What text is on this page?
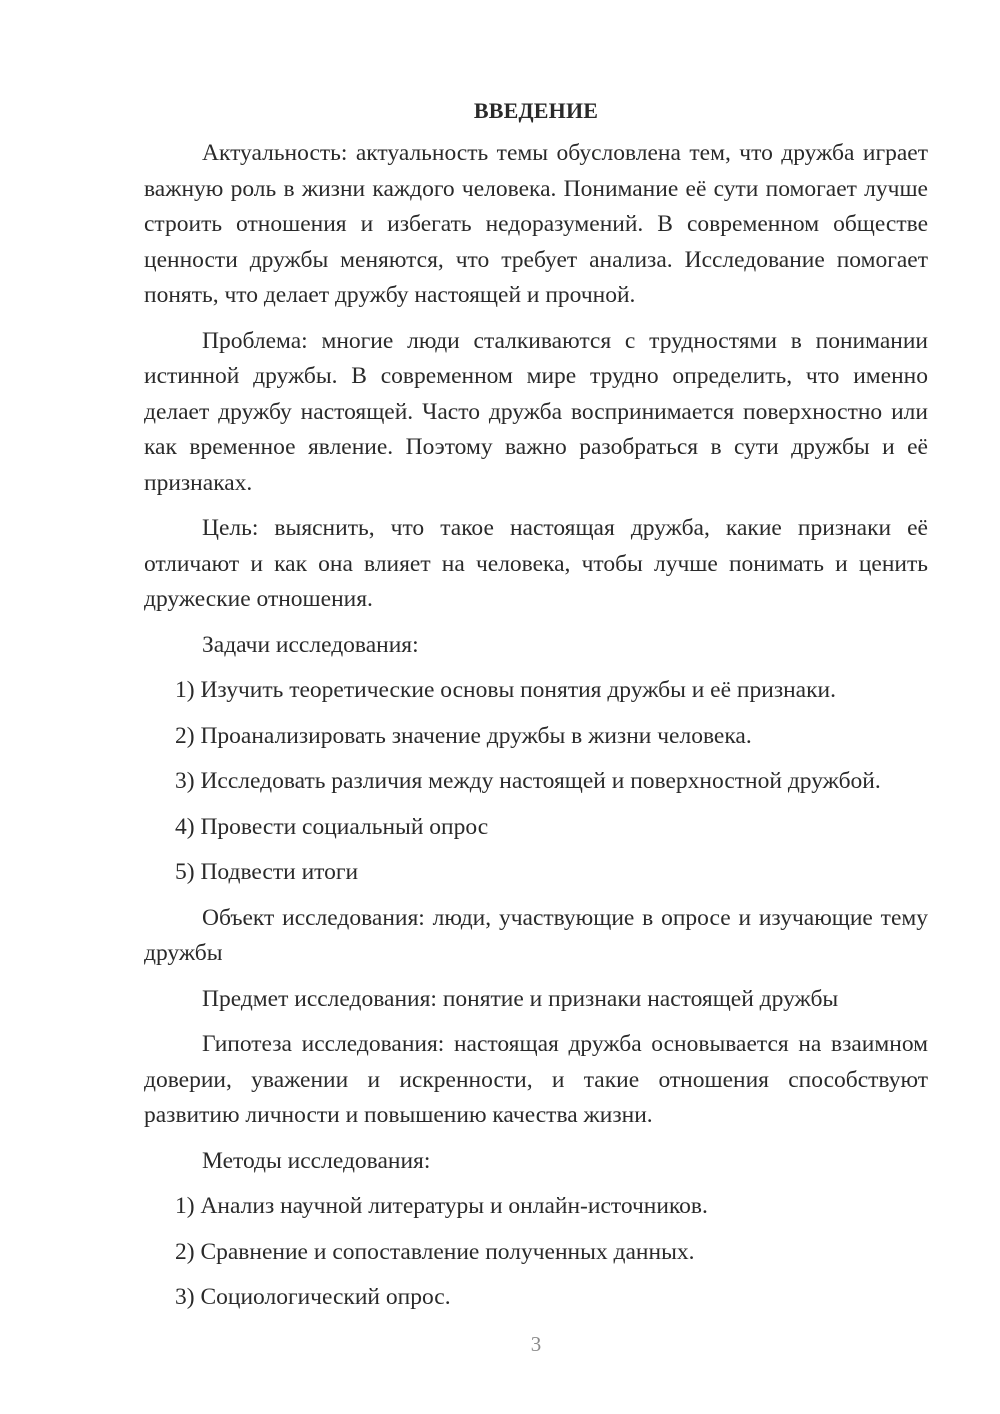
ВВЕДЕНИЕ

Актуальность: актуальность темы обусловлена тем, что дружба играет важную роль в жизни каждого человека. Понимание её сути помогает лучше строить отношения и избегать недоразумений. В современном обществе ценности дружбы меняются, что требует анализа. Исследование помогает понять, что делает дружбу настоящей и прочной.

Проблема: многие люди сталкиваются с трудностями в понимании истинной дружбы. В современном мире трудно определить, что именно делает дружбу настоящей. Часто дружба воспринимается поверхностно или как временное явление. Поэтому важно разобраться в сути дружбы и её признаках.

Цель: выяснить, что такое настоящая дружба, какие признаки её отличают и как она влияет на человека, чтобы лучше понимать и ценить дружеские отношения.

Задачи исследования:

1) Изучить теоретические основы понятия дружбы и её признаки.
2) Проанализировать значение дружбы в жизни человека.
3) Исследовать различия между настоящей и поверхностной дружбой.
4) Провести социальный опрос
5) Подвести итоги

Объект исследования: люди, участвующие в опросе и изучающие тему дружбы

Предмет исследования: понятие и признаки настоящей дружбы

Гипотеза исследования: настоящая дружба основывается на взаимном доверии, уважении и искренности, и такие отношения способствуют развитию личности и повышению качества жизни.

Методы исследования:

1) Анализ научной литературы и онлайн-источников.
2) Сравнение и сопоставление полученных данных.
3) Социологический опрос.
3
